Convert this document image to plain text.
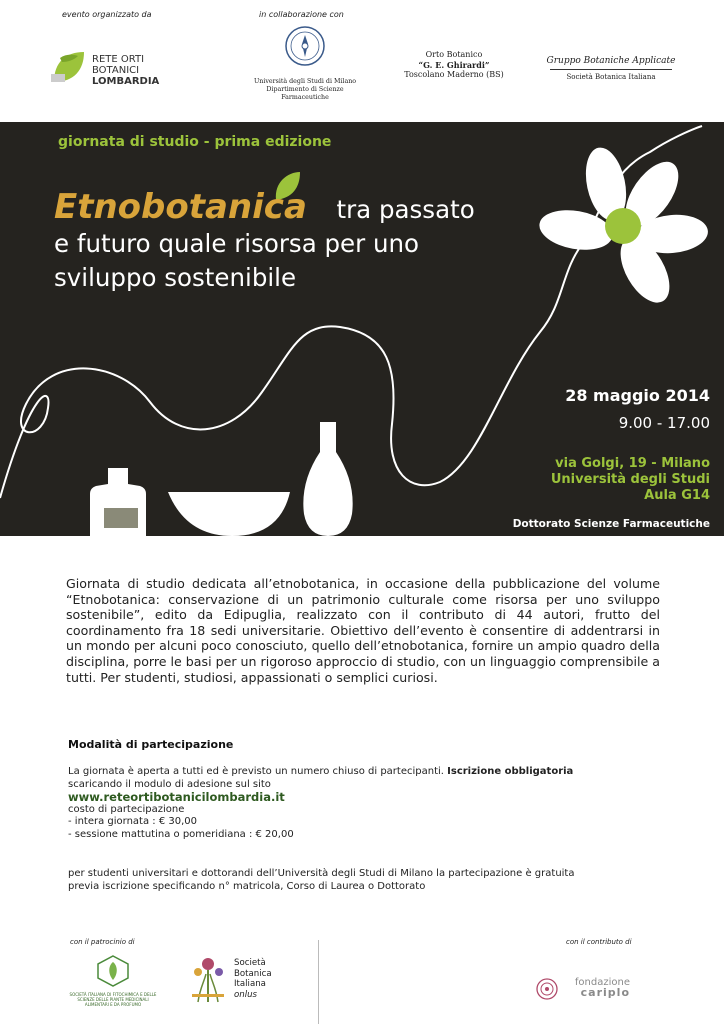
evento organizzato da	in collaborazione con
RETE ORTI
BOTANICI
LOMBARDIA	Università degli Studi di Milano
Dipartimento di Scienze
Farmaceutiche
Orto Botanico
“G. E. Ghirardi”
Toscolano Maderno (BS)
Gruppo Botaniche Applicate
Società Botanica Italiana
giornata di studio - prima edizione
Etnobotanica tra passato
e futuro quale risorsa per uno
sviluppo sostenibile
28 maggio 2014
9.00 - 17.00
via Golgi, 19 - Milano
Università degli Studi
Aula G14
Dottorato Scienze Farmaceutiche

Giornata di studio dedicata all’etnobotanica, in occasione della pubblicazione del volume “Etnobotanica: conservazione di un patrimonio culturale come risorsa per uno sviluppo sostenibile”, edito da Edipuglia, realizzato con il contributo di 44 autori, frutto del coordinamento fra 18 sedi universitarie. Obiettivo dell’evento è consentire di addentrarsi in un mondo per alcuni poco conosciuto, quello dell’etnobotanica, fornire un ampio quadro della disciplina, porre le basi per un rigoroso approccio di studio, con un linguaggio comprensibile a tutti. Per studenti, studiosi, appassionati o semplici curiosi.

Modalità di partecipazione
La giornata è aperta a tutti ed è previsto un numero chiuso di partecipanti. Iscrizione obbligatoria
scaricando il modulo di adesione sul sito
www.reteortibotanicilombardia.it
costo di partecipazione
- intera giornata : € 30,00
- sessione mattutina o pomeridiana : € 20,00
per studenti universitari e dottorandi dell’Università degli Studi di Milano la partecipazione è gratuita
previa iscrizione specificando n° matricola, Corso di Laurea o Dottorato
con il patrocinio di	con il contributo di
SOCIETÀ ITALIANA DI FITOCHIMICA E DELLE SCIENZE DELLE PIANTE MEDICINALI ALIMENTARI E DA PROFUMO
Società
Botanica
Italiana
onlus
fondazione
cariplo
